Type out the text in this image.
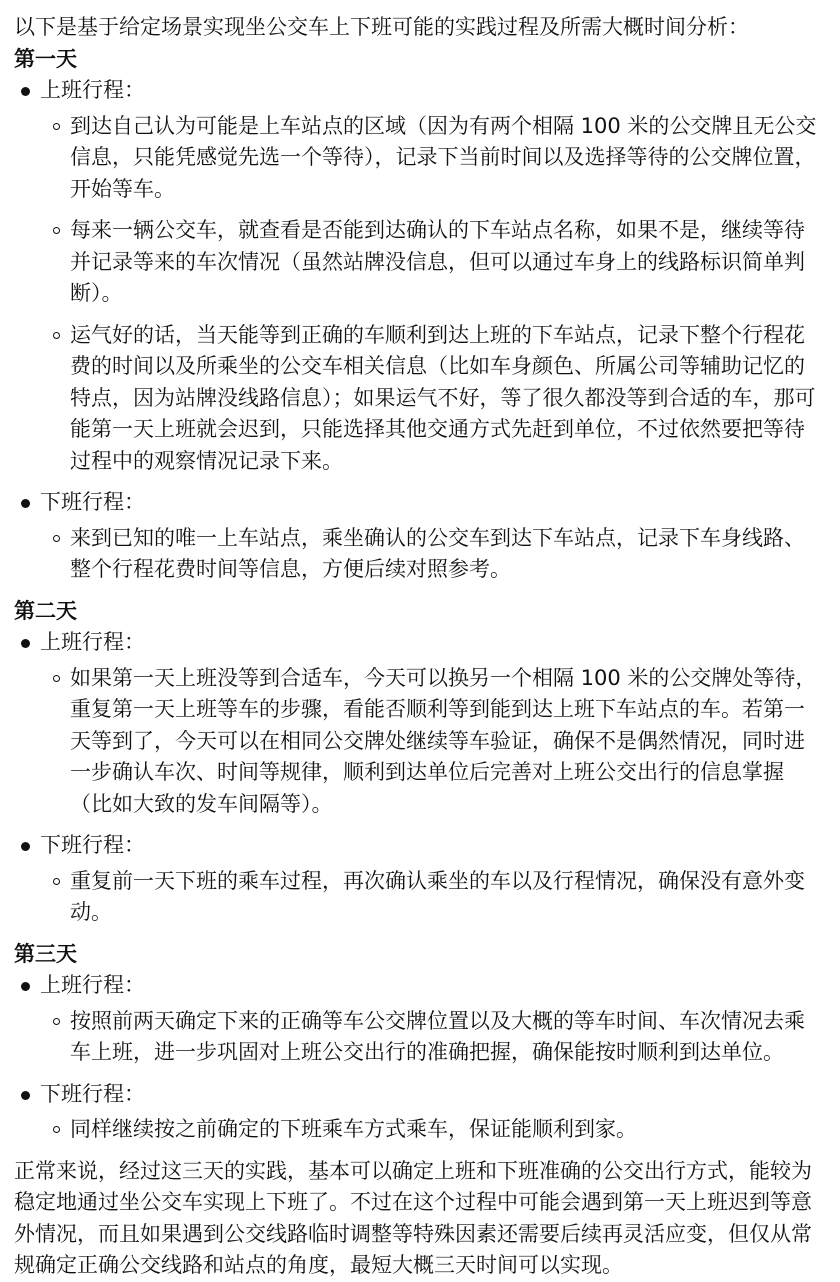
以下是基于给定场景实现坐公交车上下班可能的实践过程及所需大概时间分析：

第一天

上班行程：
到达自己认为可能是上车站点的区域（因为有两个相隔 100 米的公交牌且无公交信息，只能凭感觉先选一个等待），记录下当前时间以及选择等待的公交牌位置，开始等车。
每来一辆公交车，就查看是否能到达确认的下车站点名称，如果不是，继续等待并记录等来的车次情况（虽然站牌没信息，但可以通过车身上的线路标识简单判断）。
运气好的话，当天能等到正确的车顺利到达上班的下车站点，记录下整个行程花费的时间以及所乘坐的公交车相关信息（比如车身颜色、所属公司等辅助记忆的特点，因为站牌没线路信息）；如果运气不好，等了很久都没等到合适的车，那可能第一天上班就会迟到，只能选择其他交通方式先赶到单位，不过依然要把等待过程中的观察情况记录下来。
下班行程：
来到已知的唯一上车站点，乘坐确认的公交车到达下车站点，记录下车身线路、整个行程花费时间等信息，方便后续对照参考。

第二天

上班行程：
如果第一天上班没等到合适车，今天可以换另一个相隔 100 米的公交牌处等待，重复第一天上班等车的步骤，看能否顺利等到能到达上班下车站点的车。若第一天等到了，今天可以在相同公交牌处继续等车验证，确保不是偶然情况，同时进一步确认车次、时间等规律，顺利到达单位后完善对上班公交出行的信息掌握（比如大致的发车间隔等）。
下班行程：
重复前一天下班的乘车过程，再次确认乘坐的车以及行程情况，确保没有意外变动。

第三天

上班行程：
按照前两天确定下来的正确等车公交牌位置以及大概的等车时间、车次情况去乘车上班，进一步巩固对上班公交出行的准确把握，确保能按时顺利到达单位。
下班行程：
同样继续按之前确定的下班乘车方式乘车，保证能顺利到家。

正常来说，经过这三天的实践，基本可以确定上班和下班准确的公交出行方式，能较为稳定地通过坐公交车实现上下班了。不过在这个过程中可能会遇到第一天上班迟到等意外情况，而且如果遇到公交线路临时调整等特殊因素还需要后续再灵活应变，但仅从常规确定正确公交线路和站点的角度，最短大概三天时间可以实现。
